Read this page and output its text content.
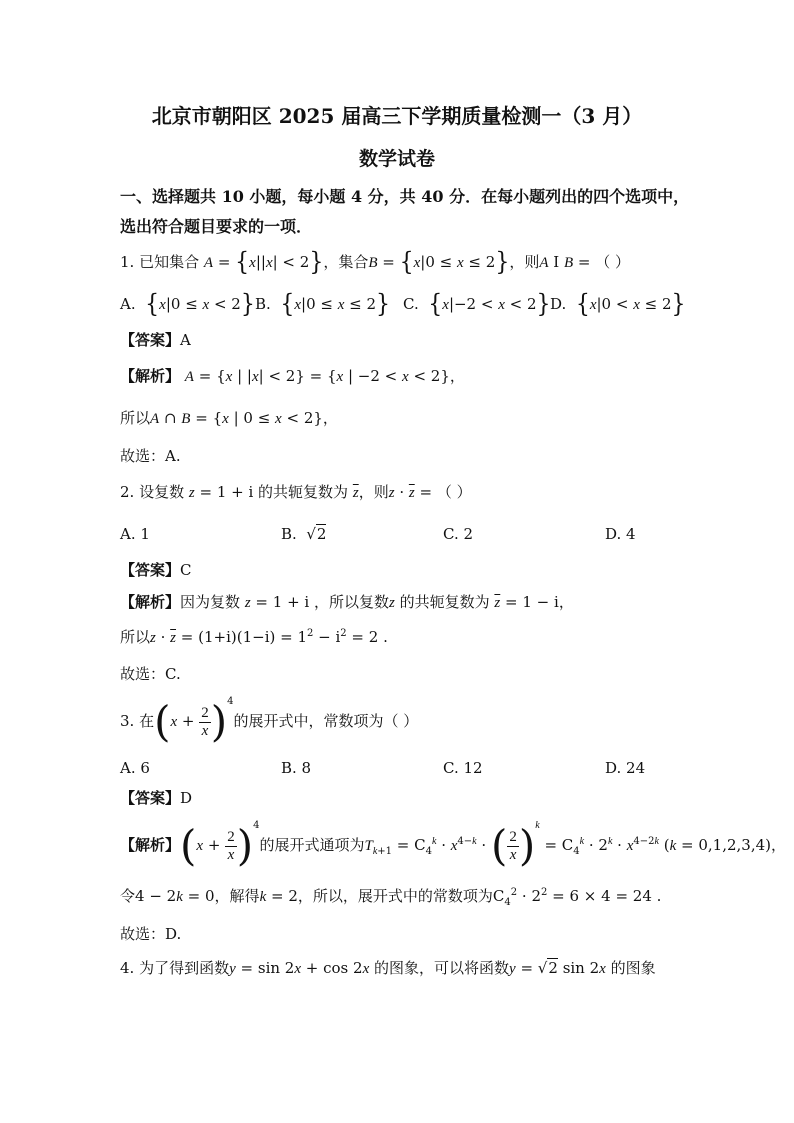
北京市朝阳区 2025 届高三下学期质量检测一（3 月）
数学试卷
一、选择题共 10 小题，每小题 4 分，共 40 分．在每小题列出的四个选项中，
选出符合题目要求的一项．
1. 已知集合 A = {x||x| < 2}，集合B = {x|0 ≤ x ≤ 2}，则A I B = （ ）
A. {x|0 ≤ x < 2} B. {x|0 ≤ x ≤ 2} C. {x|−2 < x < 2} D. {x|0 < x ≤ 2}
【答案】A
【解析】 A = {x | |x| < 2} = {x | −2 < x < 2}，
所以A ∩ B = {x | 0 ≤ x < 2}，
故选：A.
2. 设复数 z = 1 + i 的共轭复数为 $\overline{z}$，则$z \cdot \overline{z}$ = （ ）
A. 1	B.  √2	C. 2	D. 4
【答案】C
【解析】因为复数 z = 1 + i ，所以复数z 的共轭复数为 $\overline{z} = 1 - i$，
所以$z \cdot \overline{z} = (1+i)(1-i) = 1^2 - i^2 = 2$ .
故选：C.
3. 在$(x + \frac{2}{x} )^4$的展开式中，常数项为（ ）
A. 6	B. 8	C. 12	D. 24
【答案】D
【解析】$(x + \frac{2}{x} )^4$的展开式通项为$T_{k+1} = C_4^k \cdot x^{4-k}$ · ( $\frac{2}{x} )^k = C_4^k \cdot 2^k \cdot x^{4-2k}$ (k = 0,1,2,3,4)，
令4 − 2k = 0，解得k = 2，所以，展开式中的常数项为$C_4^2 \cdot 2^2 = 6 \times 4 = 24$ .
故选：D.
4. 为了得到函数y = sin 2x + cos 2x 的图象，可以将函数y = √2 sin 2x 的图象
